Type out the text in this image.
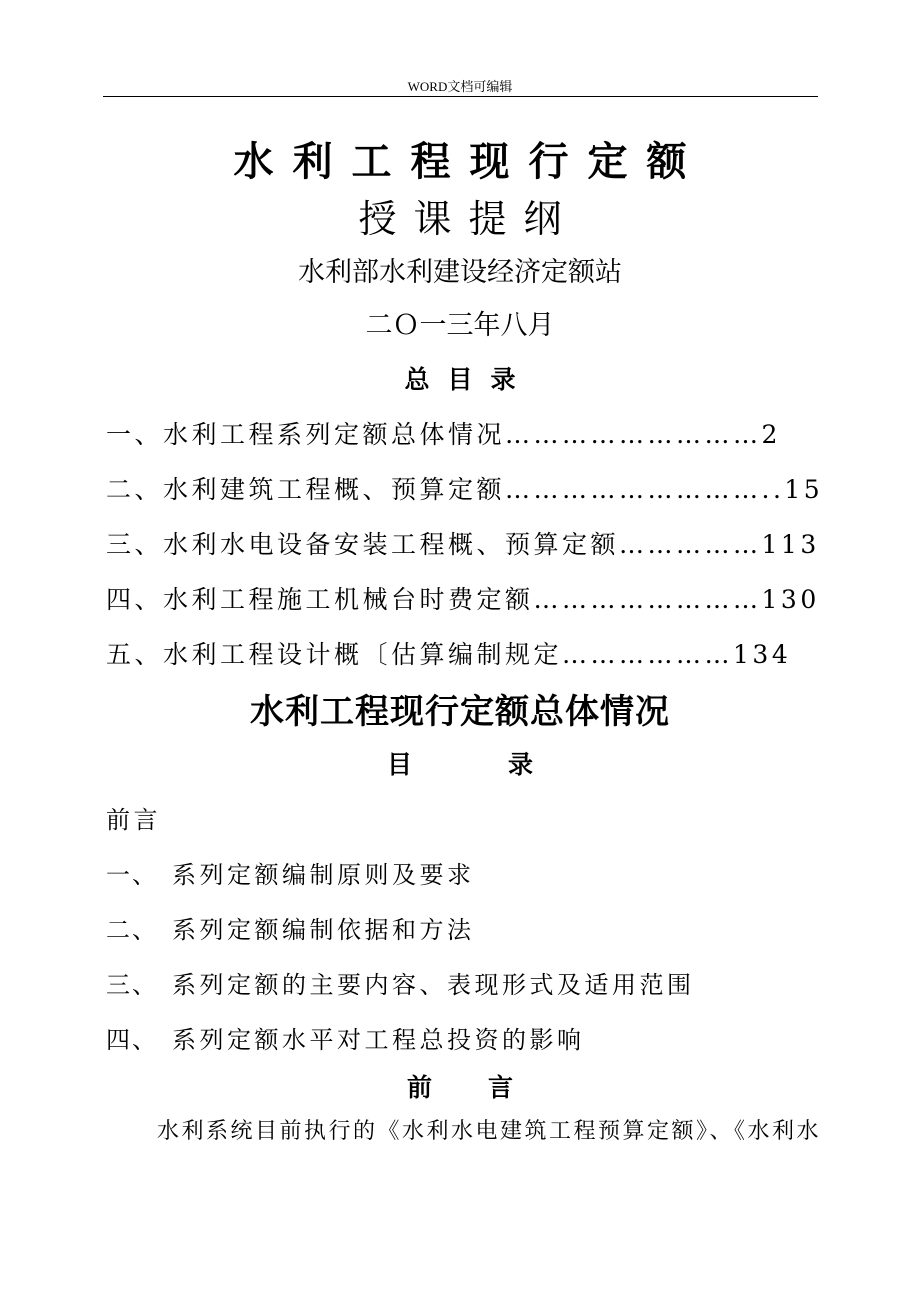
WORD文档可编辑
水利工程现行定额
授课提纲
水利部水利建设经济定额站
二Ｏ一三年八月
总目录
一、水利工程系列定额总体情况………………………2
二、水利建筑工程概、预算定额………………………..15
三、水利水电设备安装工程概、预算定额……………113
四、水利工程施工机械台时费定额……………………130
五、水利工程设计概〔估算编制规定………………134
水利工程现行定额总体情况
目录
前言
一、 系列定额编制原则及要求
二、 系列定额编制依据和方法
三、 系列定额的主要内容、表现形式及适用范围
四、 系列定额水平对工程总投资的影响
前言
水利系统目前执行的《水利水电建筑工程预算定额》、《水利水
